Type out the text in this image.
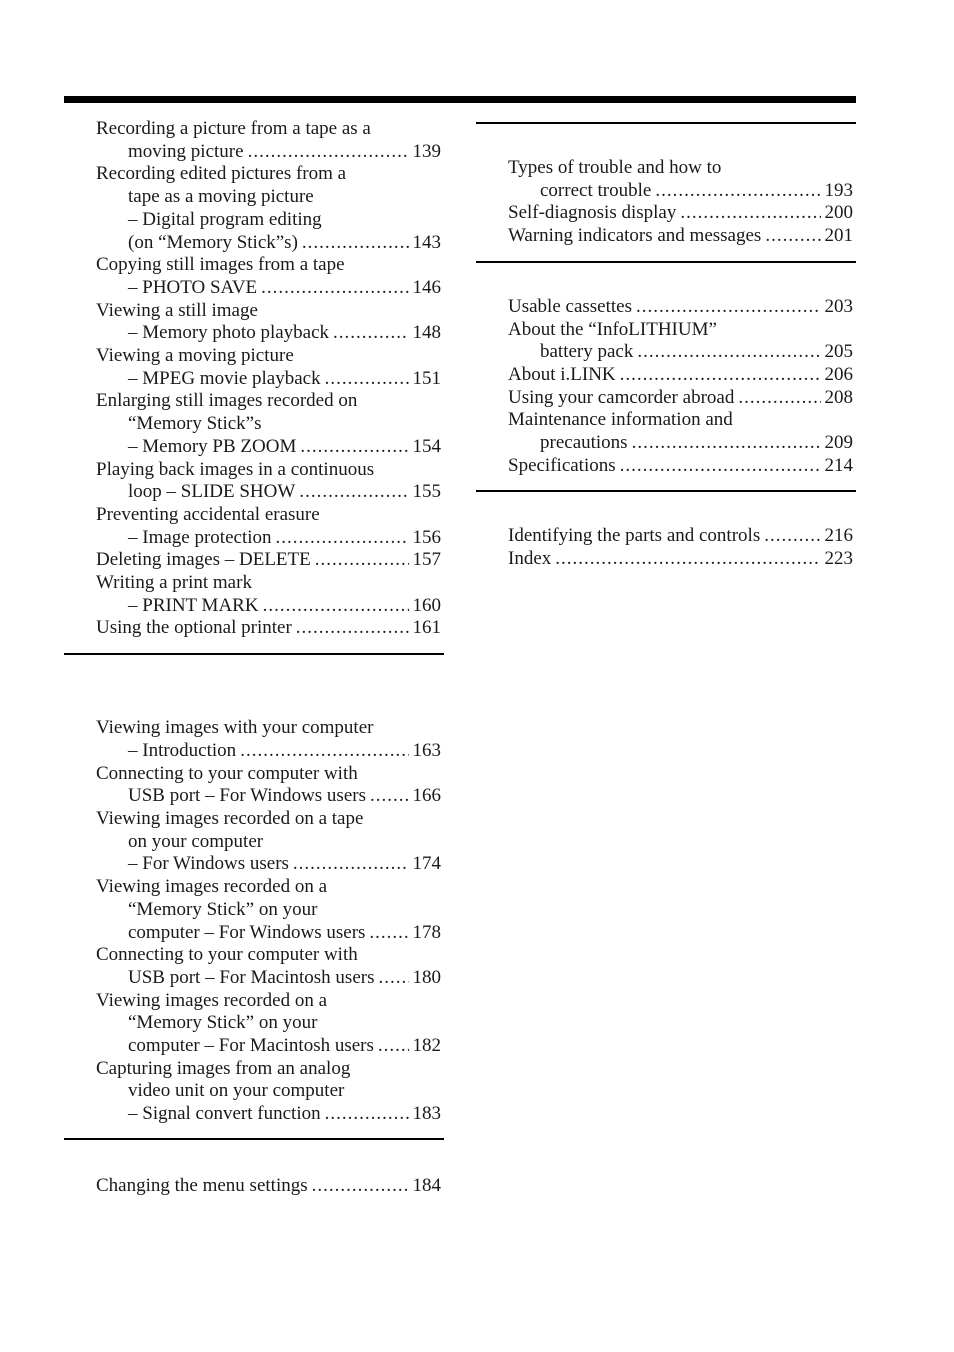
Recording a picture from a tape as a
moving picture .....	139
Recording edited pictures from a
tape as a moving picture
– Digital program editing
(on “Memory Stick”s) .....	143
Copying still images from a tape
– PHOTO SAVE .....	146
Viewing a still image
– Memory photo playback .....	148
Viewing a moving picture
– MPEG movie playback .....	151
Enlarging still images recorded on
“Memory Stick”s
– Memory PB ZOOM .....	154
Playing back images in a continuous
loop – SLIDE SHOW .....	155
Preventing accidental erasure
– Image protection .....	156
Deleting images – DELETE .....	157
Writing a print mark
– PRINT MARK .....	160
Using the optional printer .....	161
Viewing images with your computer
– Introduction .....	163
Connecting to your computer with
USB port – For Windows users ..... 166
Viewing images recorded on a tape
on your computer
– For Windows users .....	174
Viewing images recorded on a
“Memory Stick” on your
computer – For Windows users ..... 178
Connecting to your computer with
USB port – For Macintosh users ..... 180
Viewing images recorded on a
“Memory Stick” on your
computer – For Macintosh users ..... 182
Capturing images from an analog
video unit on your computer
– Signal convert function .....	183
Changing the menu settings .....	184
Types of trouble and how to
correct trouble .....	193
Self-diagnosis display .....	200
Warning indicators and messages .....	201
Usable cassettes .....	203
About the “InfoLITHIUM”
battery pack .....	205
About i.LINK .....	206
Using your camcorder abroad .....	208
Maintenance information and
precautions .....	209
Specifications .....	214
Identifying the parts and controls .....	216
Index .....	223
